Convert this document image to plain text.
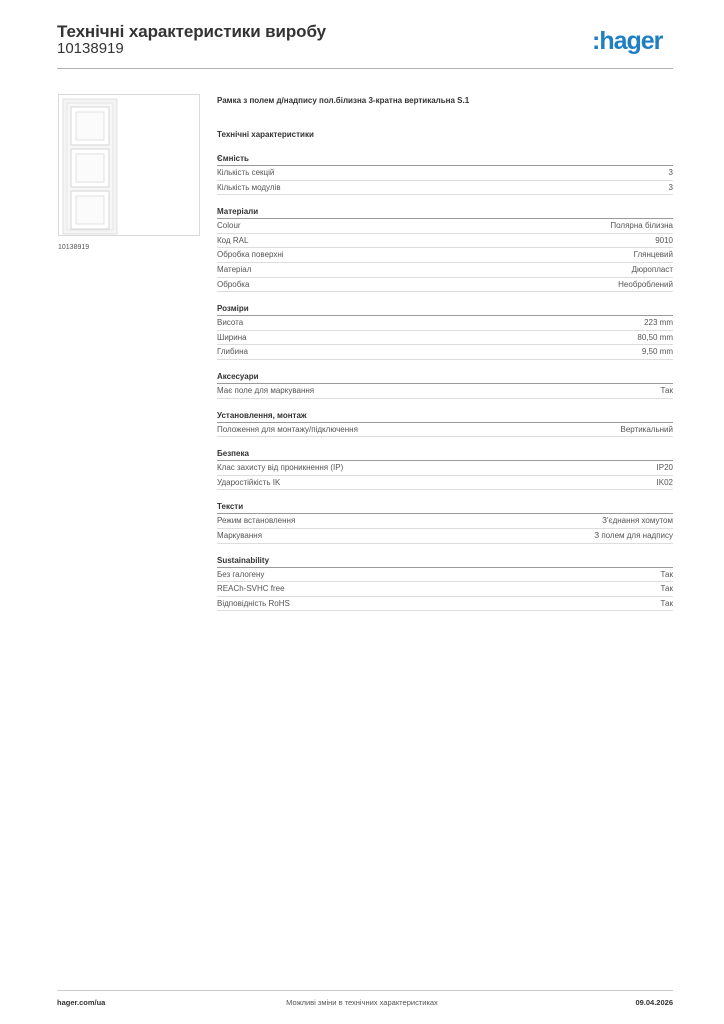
Технічні характеристики виробу
10138919	:hager
10138919
Рамка з полем д/надпису пол.білизна 3-кратна вертикальна S.1
Технічні характеристики
Ємність
Кількість секцій	3
Кількість модулів	3
Матеріали
Colour	Полярна білизна
Код RAL	9010
Обробка поверхні	Глянцевий
Матеріал	Дюропласт
Обробка	Необроблений
Розміри
Висота	223 mm
Ширина	80,50 mm
Глибина	9,50 mm
Аксесуари
Має поле для маркування	Так
Установлення, монтаж
Положення для монтажу/підключення	Вертикальний
Безпека
Клас захисту від проникнення (IP)	IP20
Ударостійкість IK	IK02
Тексти
Режим встановлення	З'єднання хомутом
Маркування	З полем для надпису
Sustainability
Без галогену	Так
REACh-SVHC free	Так
Відповідність RoHS	Так
hager.com/ua	Можливі зміни в технічних характеристиках	09.04.2026
